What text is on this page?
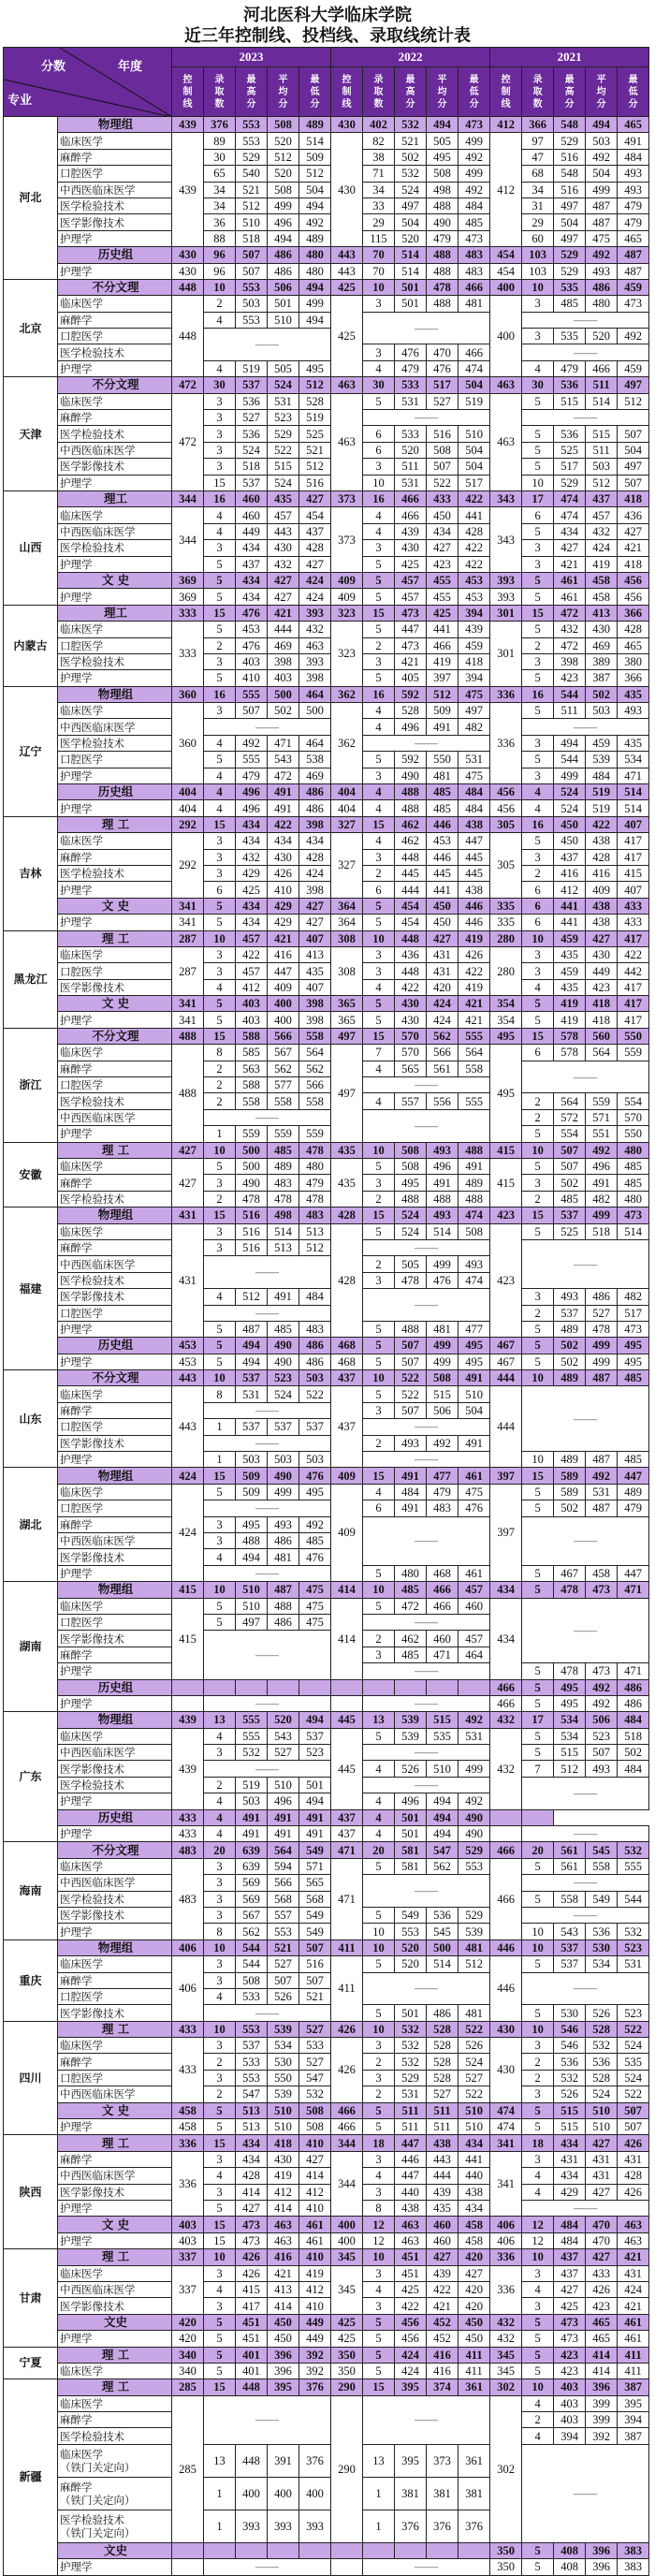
河北医科大学临床学院
近三年控制线、投档线、录取线统计表
分数 年度
专业		2023					2022					2021				
		控
制
线	录
取
数	最
高
分	平
均
分	最
低
分	控
制
线	录
取
数	最
高
分	平
均
分	最
低
分	控
制
线	录
取
数	最
高
分	平
均
分	最
低
分
河北	物理组	439	376	553	508	489	430	402	532	494	473	412	366	548	494	465
	临床医学	439	89	553	520	514	430	82	521	505	499	412	97	529	503	491
	麻醉学		30	529	512	509		38	502	495	492		47	516	492	484
	口腔医学		65	540	520	512		71	532	508	499		68	548	504	493
	中西医临床医学		34	521	508	504		34	524	498	492		34	516	499	493
	医学检验技术		34	512	499	494		33	497	488	484		31	497	487	479
	医学影像技术		36	510	496	492		29	504	490	485		29	504	487	479
	护理学		88	518	494	489		115	520	479	473		60	497	475	465
	历史组	430	96	507	486	480	443	70	514	488	483	454	103	529	492	487
	护理学	430	96	507	486	480	443	70	514	488	483	454	103	529	493	487
北京	不分文理	448	10	553	506	494	425	10	501	478	466	400	10	535	486	459
	临床医学	448	2	503	501	499	425	3	501	488	481	400	3	485	480	473
	麻醉学		4	553	510	494		——					——			
	口腔医学		——										3	535	520	492
	医学检验技术							3	476	470	466		——			
	护理学		4	519	505	495		4	479	476	474		4	479	466	459
天津	不分文理	472	30	537	524	512	463	30	533	517	504	463	30	536	511	497
	临床医学	472	3	536	531	528	463	5	531	527	519	463	5	515	514	512
	麻醉学		3	527	523	519		——					——			
	医学检验技术		3	536	529	525		6	533	516	510		5	536	515	507
	中西医临床医学		3	524	522	521		6	520	508	504		5	525	511	504
	医学影像技术		3	518	515	512		3	511	507	504		5	517	503	497
	护理学		15	537	524	516		10	531	522	517		10	529	512	507
山西	理工	344	16	460	435	427	373	16	466	433	422	343	17	474	437	418
	临床医学	344	4	460	457	454	373	4	466	450	441	343	6	474	457	436
	中西医临床医学		4	449	443	437		4	439	434	428		5	434	432	427
	医学检验技术		3	434	430	428		3	430	427	422		3	427	424	421
	护理学		5	437	432	427		5	425	423	422		3	421	419	418
	文 史	369	5	434	427	424	409	5	457	455	453	393	5	461	458	456
	护理学	369	5	434	427	424	409	5	457	455	453	393	5	461	458	456
内蒙古	理工	333	15	476	421	393	323	15	473	425	394	301	15	472	413	366
	临床医学	333	5	453	444	432	323	5	447	441	439	301	5	432	430	428
	口腔医学		2	476	469	463		2	473	466	459		2	472	469	465
	医学检验技术		3	403	398	393		3	421	419	418		3	398	389	380
	护理学		5	410	403	398		5	405	397	394		5	423	387	366
辽宁	物理组	360	16	555	500	464	362	16	592	512	475	336	16	544	502	435
	临床医学	360	3	507	502	500	362	4	528	509	497	336	5	511	503	493
	中西医临床医学		——					4	496	491	482		——			
	医学检验技术		4	492	471	464		——					3	494	459	435
	口腔医学		5	555	543	538		5	592	550	531		5	544	539	534
	护理学		4	479	472	469		3	490	481	475		3	499	484	471
	历史组	404	4	496	491	486	404	4	488	485	484	456	4	524	519	514
	护理学	404	4	496	491	486	404	4	488	485	484	456	4	524	519	514
吉林	理 工	292	15	434	422	398	327	15	462	446	438	305	16	450	422	407
	临床医学	292	3	434	434	434	327	4	462	453	447	305	5	450	438	417
	麻醉学		3	432	430	428		3	448	446	445		3	437	428	417
	医学检验技术		3	429	426	424		2	445	445	445		2	416	416	415
	护理学		6	425	410	398		6	444	441	438		6	412	409	407
	文 史	341	5	434	429	427	364	5	454	450	446	335	6	441	438	433
	护理学	341	5	434	429	427	364	5	454	450	446	335	6	441	438	433
黑龙江	理 工	287	10	457	421	407	308	10	448	427	419	280	10	459	427	417
	临床医学	287	3	422	416	413	308	3	436	431	426	280	3	435	430	422
	口腔医学		3	457	447	435		3	448	431	422		3	459	449	442
	医学影像技术		4	412	409	407		4	422	420	419		4	435	423	417
	文 史	341	5	403	400	398	365	5	430	424	421	354	5	419	418	417
	护理学	341	5	403	400	398	365	5	430	424	421	354	5	419	418	417
浙江	不分文理	488	15	588	566	558	497	15	570	562	555	495	15	578	560	550
	临床医学	488	8	585	567	564	497	7	570	566	564	495	6	578	564	559
	麻醉学		2	563	562	562		4	565	561	558		——			
	口腔医学		2	588	577	566		——								
	医学检验技术		2	558	558	558		4	557	556	555		2	564	559	554
	中西医临床医学		——					——					2	572	571	570
	护理学		1	559	559	559							5	554	551	550
安徽	理 工	427	10	500	485	478	435	10	508	493	488	415	10	507	492	480
	临床医学	427	5	500	489	480	435	5	508	496	491	415	5	507	496	485
	麻醉学		3	490	483	479		3	495	491	489		3	502	491	485
	医学检验技术		2	478	478	478		2	488	488	488		2	485	482	480
福建	物理组	431	15	516	498	483	428	15	524	493	474	423	15	537	499	473
	临床医学	431	3	516	514	513	428	5	524	514	508	423	5	525	518	514
	麻醉学		3	516	513	512		——					——			
	中西医临床医学		——					2	505	499	493					
	医学检验技术							3	478	476	474					
	医学影像技术		4	512	491	484		——					3	493	486	482
	口腔医学		——										2	537	527	517
	护理学		5	487	485	483		5	488	481	477		5	489	478	473
	历史组	453	5	494	490	486	468	5	507	499	495	467	5	502	499	495
	护理学	453	5	494	490	486	468	5	507	499	495	467	5	502	499	495
山东	不分文理	443	10	537	523	503	437	10	522	508	491	444	10	489	487	485
	临床医学	443	8	531	524	522	437	5	522	515	510	444	——			
	麻醉学		——					3	507	506	504					
	口腔医学		1	537	537	537		——								
	医学影像技术		——					2	493	492	491					
	护理学		1	503	503	503		——					10	489	487	485
湖北	物理组	424	15	509	490	476	409	15	491	477	461	397	15	589	492	447
	临床医学	424	5	509	499	495	409	4	484	479	475	397	5	589	531	489
	口腔医学		——					6	491	483	476		5	502	487	479
	麻醉学		3	495	493	492		——					——			
	中西医临床医学		3	488	486	485										
	医学影像技术		4	494	481	476										
	护理学		——					5	480	468	461		5	467	458	447
湖南	物理组	415	10	510	487	475	414	10	485	466	457	434	5	478	473	471
	临床医学	415	5	510	488	475	414	5	472	466	460	434	——			
	口腔医学		5	497	486	475		——								
	医学影像技术		——					2	462	460	457					
	麻醉学							3	485	471	464					
	护理学							——					5	478	473	471
	历史组											466	5	495	492	486
	护理学		——					——				466	5	495	492	486
广东	物理组	439	13	555	520	494	445	13	539	515	492	432	17	534	506	484
	临床医学	439	4	555	543	537	445	5	539	535	531	432	5	534	523	518
	中西医临床医学		3	532	527	523		——					5	515	507	502
	医学影像技术		——					4	526	510	499		7	512	493	484
	医学检验技术		2	519	510	501		——					——			
	护理学		4	503	496	494		4	496	494	492					
	历史组	433	4	491	491	491	437	4	501	494	490					
	护理学	433	4	491	491	491	437	4	501	494	490		——			
海南	不分文理	483	20	639	564	549	471	20	581	547	529	466	20	561	545	532
	临床医学	483	3	639	594	571	471	5	581	562	553	466	5	561	558	555
	中西医临床医学		3	569	566	565		——					——			
	医学检验技术		3	569	568	568							5	558	549	544
	医学影像技术		3	567	557	549		5	549	536	529		——			
	护理学		8	562	553	549		10	553	545	539		10	543	536	532
重庆	物理组	406	10	544	521	507	411	10	520	500	481	446	10	537	530	523
	临床医学	406	3	544	527	516	411	5	520	514	512	446	5	537	534	531
	麻醉学		3	508	507	507		——					——			
	口腔医学		4	533	526	521										
	医学影像技术		——					5	501	486	481		5	530	526	523
四川	理 工	433	10	553	539	527	426	10	532	528	522	430	10	546	528	522
	临床医学	433	3	537	534	533	426	3	532	528	526	430	3	546	532	524
	麻醉学		2	533	530	527		2	532	528	524		2	536	536	535
	口腔医学		3	553	550	547		3	529	528	527		2	532	528	524
	中西医临床医学		2	547	539	532		2	531	527	522		3	526	524	522
	文 史	458	5	513	510	508	466	5	511	511	510	474	5	515	510	507
	护理学	458	5	513	510	508	466	5	511	511	510	474	5	515	510	507
陕西	理 工	336	15	434	418	410	344	18	447	438	434	341	18	434	427	426
	麻醉学	336	3	434	430	427	344	3	446	443	441	341	3	431	431	431
	中西医临床医学		4	428	419	414		4	447	444	440		4	434	431	428
	医学影像技术		3	414	412	412		3	440	439	438		4	429	427	426
	护理学		5	427	414	410		8	438	435	434		——			
	文 史	403	15	473	463	461	400	12	463	460	458	406	12	484	470	463
	护理学	403	15	473	463	461	400	12	463	460	458	406	12	484	470	463
甘肃	理 工	337	10	426	416	410	345	10	451	427	420	336	10	437	427	421
	临床医学	337	3	426	421	419	345	3	451	439	427	336	3	437	433	431
	中西医临床医学		4	415	413	412		4	425	422	420		4	427	426	424
	医学影像技术		3	417	414	410		3	422	421	420		3	425	423	421
	文史	420	5	451	450	449	425	5	456	452	450	432	5	473	465	461
	护理学	420	5	451	450	449	425	5	456	452	450	432	5	473	465	461
宁夏	理 工	340	5	401	396	392	350	5	424	416	411	345	5	423	414	411
	临床医学	340	5	401	396	392	350	5	424	416	411	345	5	423	414	411
新疆	理 工	285	15	448	395	376	290	15	395	374	361	302	10	403	396	387
	临床医学	285	——				290	——				302	4	403	399	395
	麻醉学												2	403	399	394
	医学检验技术												4	394	392	387
	临床医学
（铁门关定向）		13	448	391	376		13	395	373	361		——			
	麻醉学
（铁门关定向）		1	400	400	400		1	381	381	381					
	医学检验技术
（铁门关定向）		1	393	393	393		1	376	376	376					
	文史											350	5	408	396	383
	护理学		——					——				350	5	408	396	383
